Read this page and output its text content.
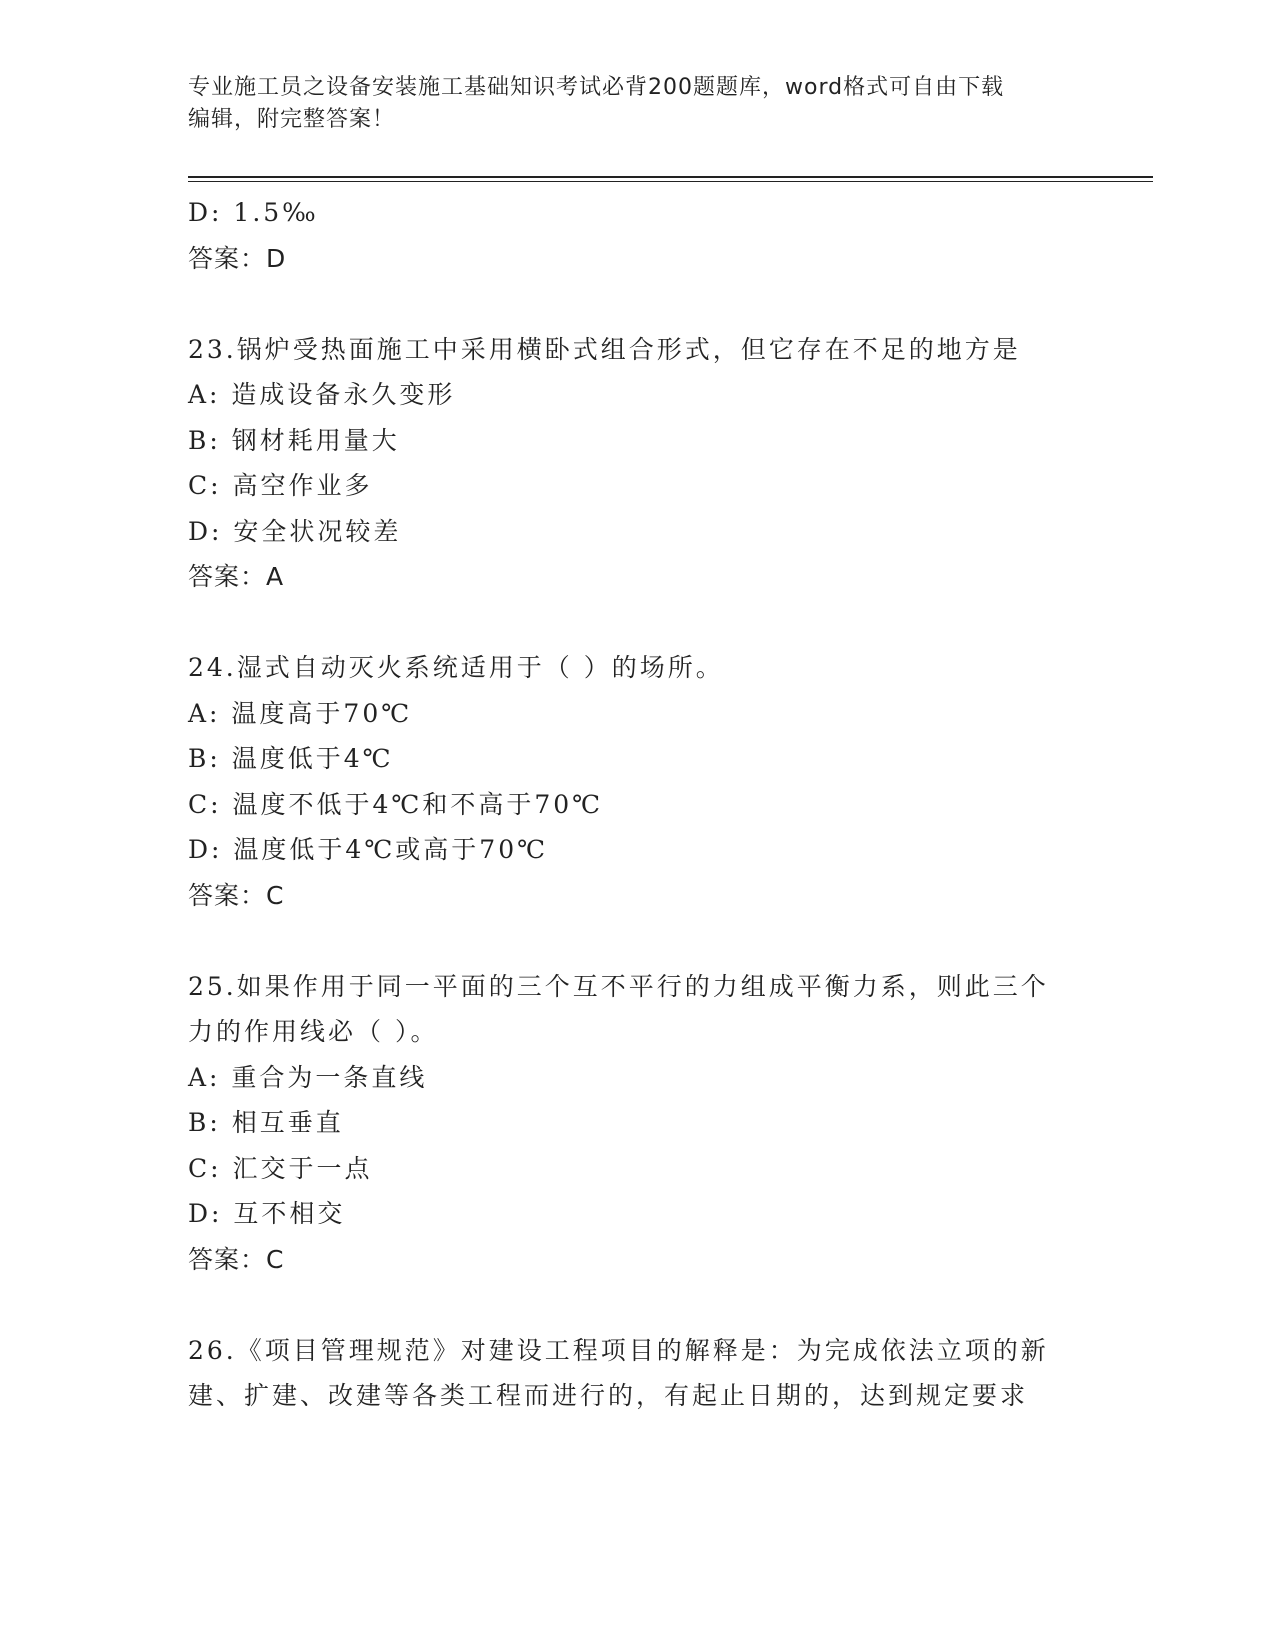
专业施工员之设备安装施工基础知识考试必背200题题库，word格式可自由下载
编辑，附完整答案！
D: 1.5‰
答案：D
23.锅炉受热面施工中采用横卧式组合形式，但它存在不足的地方是
A: 造成设备永久变形
B: 钢材耗用量大
C: 高空作业多
D: 安全状况较差
答案：A
24.湿式自动灭火系统适用于（ ）的场所。
A: 温度高于70℃
B: 温度低于4℃
C: 温度不低于4℃和不高于70℃
D: 温度低于4℃或高于70℃
答案：C
25.如果作用于同一平面的三个互不平行的力组成平衡力系，则此三个
力的作用线必（ ）。
A: 重合为一条直线
B: 相互垂直
C: 汇交于一点
D: 互不相交
答案：C
26.《项目管理规范》对建设工程项目的解释是：为完成依法立项的新
建、扩建、改建等各类工程而进行的，有起止日期的，达到规定要求
